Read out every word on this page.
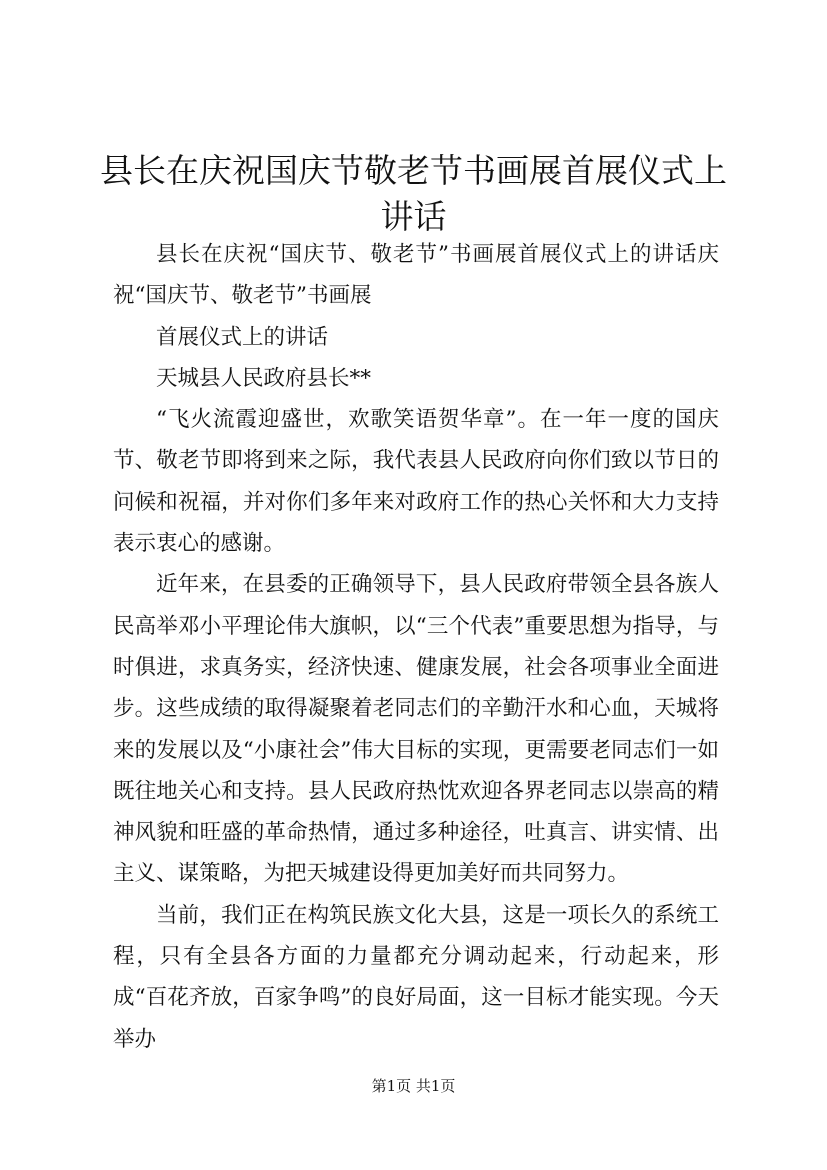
县长在庆祝国庆节敬老节书画展首展仪式上讲话

县长在庆祝“国庆节、敬老节”书画展首展仪式上的讲话庆祝“国庆节、敬老节”书画展

首展仪式上的讲话

天城县人民政府县长**

“飞火流霞迎盛世，欢歌笑语贺华章”。在一年一度的国庆节、敬老节即将到来之际，我代表县人民政府向你们致以节日的问候和祝福，并对你们多年来对政府工作的热心关怀和大力支持表示衷心的感谢。

近年来，在县委的正确领导下，县人民政府带领全县各族人民高举邓小平理论伟大旗帜，以“三个代表”重要思想为指导，与时俱进，求真务实，经济快速、健康发展，社会各项事业全面进步。这些成绩的取得凝聚着老同志们的辛勤汗水和心血，天城将来的发展以及“小康社会”伟大目标的实现，更需要老同志们一如既往地关心和支持。县人民政府热忱欢迎各界老同志以崇高的精神风貌和旺盛的革命热情，通过多种途径，吐真言、讲实情、出主义、谋策略，为把天城建设得更加美好而共同努力。

当前，我们正在构筑民族文化大县，这是一项长久的系统工程，只有全县各方面的力量都充分调动起来，行动起来，形成“百花齐放，百家争鸣”的良好局面，这一目标才能实现。今天举办

第1页 共1页
